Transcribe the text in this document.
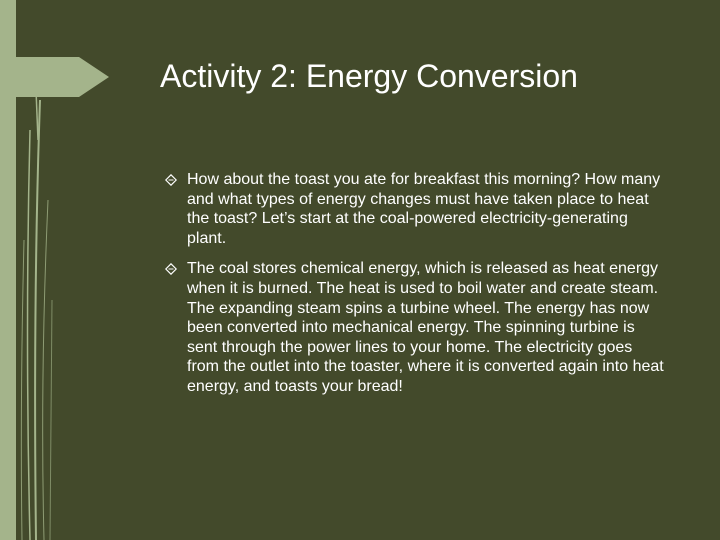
Activity 2: Energy Conversion
How about the toast you ate for breakfast this morning? How many and what types of energy changes must have taken place to heat the toast? Let’s start at the coal-powered electricity-generating plant.
The coal stores chemical energy, which is released as heat energy when it is burned. The heat is used to boil water and create steam. The expanding steam spins a turbine wheel. The energy has now been converted into mechanical energy. The spinning turbine is sent through the power lines to your home. The electricity goes from the outlet into the toaster, where it is converted again into heat energy, and toasts your bread!
